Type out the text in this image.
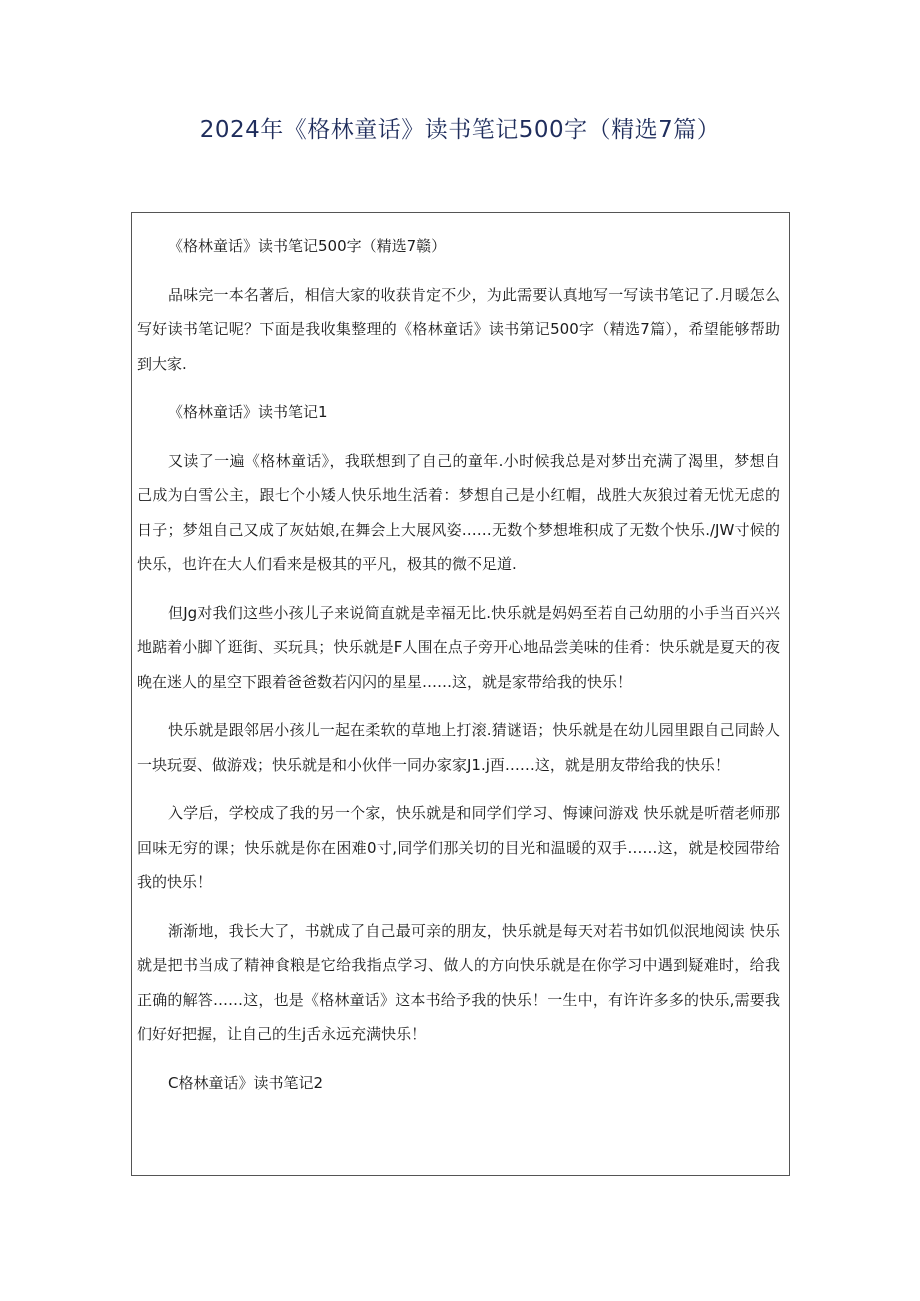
2024年《格林童话》读书笔记500字（精选7篇）

《格林童话》读书笔记500字（精选7赣）

品味完一本名著后，相信大家的收获肯定不少，为此需要认真地写一写读书笔记了.月暖怎么写好读书笔记呢？下面是我收集整理的《格林童话》读书第记500字（精选7篇），希望能够帮助到大家.

《格林童话》读书笔记1

又读了一遍《格林童话》，我联想到了自己的童年.小时候我总是对梦岀充满了渴里，梦想自己成为白雪公主，跟七个小矮人快乐地生活着：梦想自己是小红帽，战胜大灰狼过着无忧无虑的日子；梦俎自己又成了灰姑娘,在舞会上大展风姿……无数个梦想堆积成了无数个快乐./JW寸候的快乐，也许在大人们看来是极其的平凡，极其的微不足道.

但Jg对我们这些小孩儿子来说简直就是幸福无比.快乐就是妈妈至若自己幼朋的小手当百兴兴地踮着小脚丫逛街、买玩具；快乐就是F人围在点子旁开心地品尝美味的佳肴：快乐就是夏天的夜晚在迷人的星空下跟着爸爸数若闪闪的星星……这，就是家带给我的快乐！

快乐就是跟邻居小孩儿一起在柔软的草地上打滚.猜谜语；快乐就是在幼儿园里跟自己同龄人一块玩耍、做游戏；快乐就是和小伙伴一同办家家J1.j酉……这，就是朋友带给我的快乐！

入学后，学校成了我的另一个家，快乐就是和同学们学习、悔谏问游戏 快乐就是听蓿老师那回味无穷的课；快乐就是你在困难0寸,同学们那关切的目光和温暖的双手……这，就是校园带给我的快乐！

渐渐地，我长大了，书就成了自己最可亲的朋友，快乐就是每天对若书如饥似泯地阅读 快乐就是把书当成了精神食粮是它给我指点学习、做人的方向快乐就是在你学习中遇到疑难时，给我正确的解答……这，也是《格林童话》这本书给予我的快乐！一生中，有许许多多的快乐,需要我们好好把握，让自己的生j舌永远充满快乐！

C格林童话》读书笔记2
